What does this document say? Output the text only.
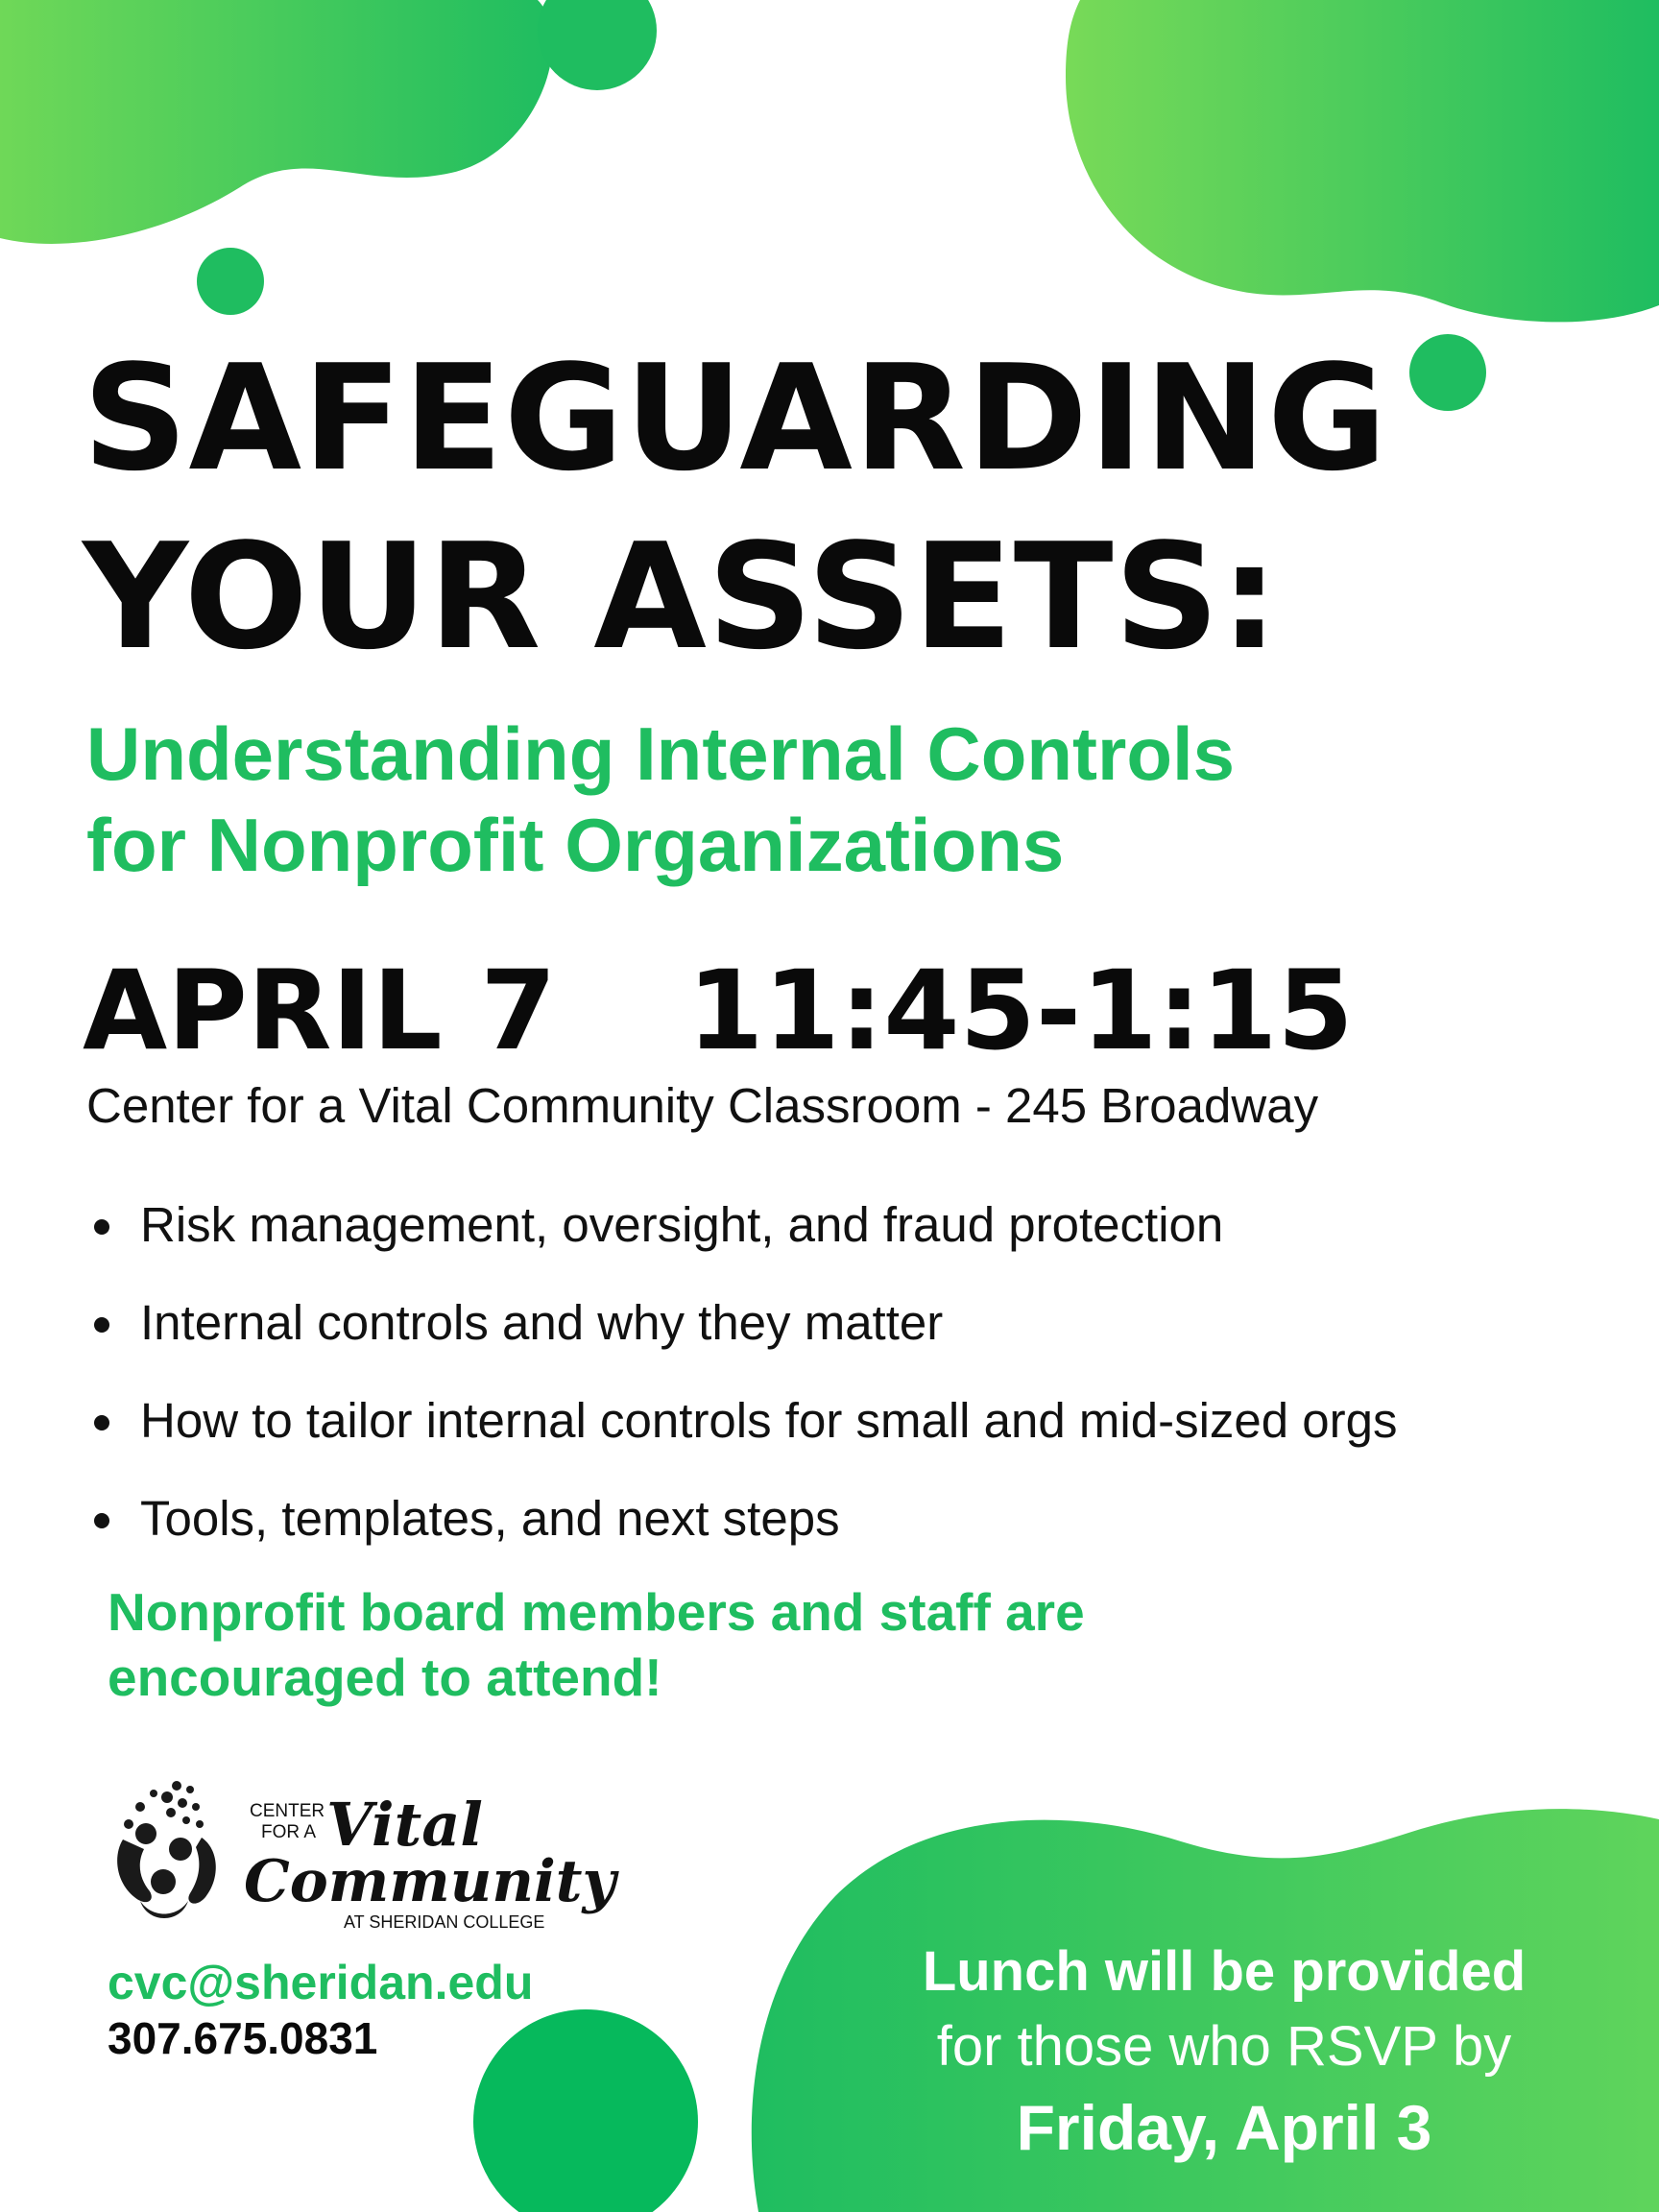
SAFEGUARDING
YOUR ASSETS:
Understanding Internal Controls
for Nonprofit Organizations
APRIL 7 11:45-1:15
Center for a Vital Community Classroom - 245 Broadway
Risk management, oversight, and fraud protection
Internal controls and why they matter
How to tailor internal controls for small and mid-sized orgs
Tools, templates, and next steps
Nonprofit board members and staff are
encouraged to attend!
CENTER
FOR A Vital
Community
AT SHERIDAN COLLEGE
cvc@sheridan.edu
307.675.0831

Lunch will be provided

for those who RSVP by

Friday, April 3
